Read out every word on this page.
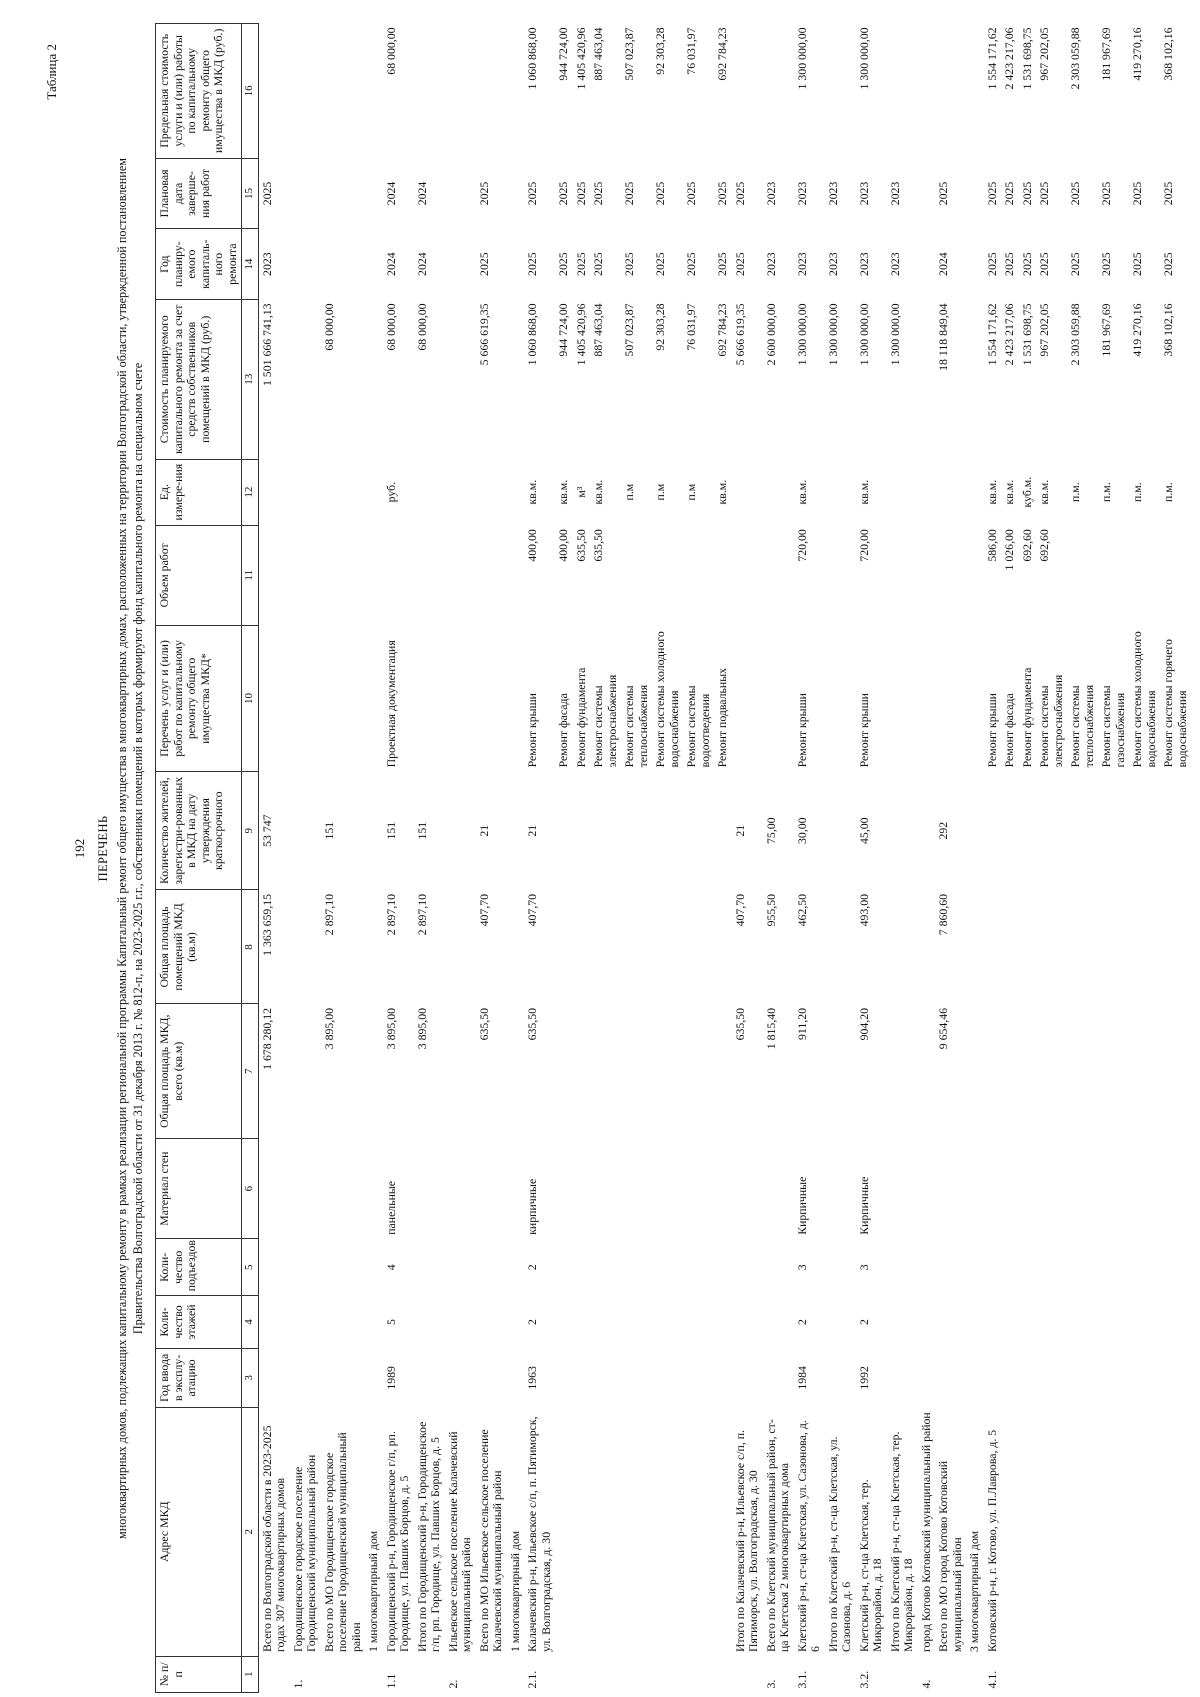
192
Таблица 2
ПЕРЕЧЕНЬ многоквартирных домов, подлежащих капитальному ремонту в рамках реализации региональной программы Капитальный ремонт общего имущества в многоквартирных домах, расположенных на территории Волгоградской области, утвержденной постановлением Правительства Волгоградской области от 31 декабря 2013 г. № 812-п, на 2023-2025 г.г., собственники помещений в которых формируют фонд капитального ремонта на специальном счете
№ п/п	Адрес МКД	Год ввода в эксплу-атацию	Коли-чество этажей	Коли-чество подъездов	Материал стен	Общая площадь МКД, всего (кв.м)	Общая площадь помещений МКД (кв.м)	Количество жителей, зарегистри-рованных в МКД на дату утверждения краткосрочного	Перечень услуг и (или) работ по капитальному ремонту общего имущества МКД*	Объем работ	Ед. измере-ния	Стоимость планируемого капитального ремонта за счет средств собственников помещений в МКД (руб.)	Год планиру-емого капиталь-ного ремонта	Плановая дата заверше-ния работ	Предельная стоимость услуги и (или) работы по капитальному ремонту общего имущества в МКД (руб.)
1	2	3	4	5	6	7	8	9	10	11	12	13	14	15	16
	Всего по Волгоградской области в 2023-2025 годах 307 многоквартирных домов					1 678 280,12	1 363 659,15	53 747				1 501 666 741,13	2023	2025	
1.	Городищенское городское поселение Городищенский муниципальный район														
	Всего по МО Городищенское городское поселение Городищенский муниципальный район					3 895,00	2 897,10	151				68 000,00			
	1 многоквартирный дом														
1.1	Городищенский р-н, Городищенское г/п, рп. Городище, ул. Павших Борцов, д. 5	1989	5	4	панельные	3 895,00	2 897,10	151	Проектная документация		руб.	68 000,00	2024	2024	68 000,00
	Итого по Городищенский р-н, Городищенское г/п, рп. Городище, ул. Павших Борцов, д. 5					3 895,00	2 897,10	151				68 000,00	2024	2024	
2.	Ильевское сельское поселение Калачевский муниципальный район														
	Всего по МО Ильевское сельское поселение Калачевский муниципальный район					635,50	407,70	21				5 666 619,35	2025	2025	
	1 многоквартирный дом														
2.1.	Калачевский р-н, Ильевское с/п, п. Пятиморск, ул. Волгоградская, д. 30	1963	2	2	кирпичные	635,50	407,70	21	Ремонт крыши	400,00	кв.м.	1 060 868,00	2025	2025	1 060 868,00
									Ремонт фасада	400,00	кв.м.	944 724,00	2025	2025	944 724,00
									Ремонт фундамента	635,50	м³	1 405 420,96	2025	2025	1 405 420,96
									Ремонт системы электроснабжения	635,50	кв.м.	887 463,04	2025	2025	887 463,04
									Ремонт системы теплоснабжения		п.м	507 023,87	2025	2025	507 023,87
									Ремонт системы холодного водоснабжения		п.м	92 303,28	2025	2025	92 303,28
									Ремонт системы водоотведения		п.м	76 031,97	2025	2025	76 031,97
									Ремонт подвальных		кв.м.	692 784,23	2025	2025	692 784,23
	Итого по Калачевский р-н, Ильевское с/п, п. Пятиморск, ул. Волгоградская, д. 30					635,50	407,70	21				5 666 619,35	2025	2025	
3.	Всего по Клетский муниципальный район, ст-ца Клетская 2 многоквартирных дома					1 815,40	955,50	75,00				2 600 000,00	2023	2023	
3.1.	Клетский р-н, ст-ца Клетская, ул. Сазонова, д. 6	1984	2	3	Кирпичные	911,20	462,50	30,00	Ремонт крыши	720,00	кв.м.	1 300 000,00	2023	2023	1 300 000,00
	Итого по Клетский р-н, ст-ца Клетская, ул. Сазонова, д. 6											1 300 000,00	2023	2023	
3.2.	Клетский р-н, ст-ца Клетская, тер. Микрорайон, д. 18	1992	2	3	Кирпичные	904,20	493,00	45,00	Ремонт крыши	720,00	кв.м.	1 300 000,00	2023	2023	1 300 000,00
	Итого по Клетский р-н, ст-ца Клетская, тер. Микрорайон, д. 18											1 300 000,00	2023	2023	
4.	город Котово Котовский муниципальный район														
	Всего по МО город Котово Котовский муниципальный район					9 654,46	7 860,60	292				18 118 849,04	2024	2025	
	3 многоквартирный дом														
4.1.	Котовский р-н, г. Котово, ул. П.Лаврова, д. 5								Ремонт крыши	586,00	кв.м.	1 554 171,62	2025	2025	1 554 171,62
									Ремонт фасада	1 026,00	кв.м.	2 423 217,06	2025	2025	2 423 217,06
									Ремонт фундамента	692,60	куб.м.	1 531 698,75	2025	2025	1 531 698,75
									Ремонт системы электроснабжения	692,60	кв.м.	967 202,05	2025	2025	967 202,05
									Ремонт системы теплоснабжения		п.м.	2 303 059,88	2025	2025	2 303 059,88
									Ремонт системы газоснабжения		п.м.	181 967,69	2025	2025	181 967,69
									Ремонт системы холодного водоснабжения		п.м.	419 270,16	2025	2025	419 270,16
									Ремонт системы горячего водоснабжения		п.м.	368 102,16	2025	2025	368 102,16
